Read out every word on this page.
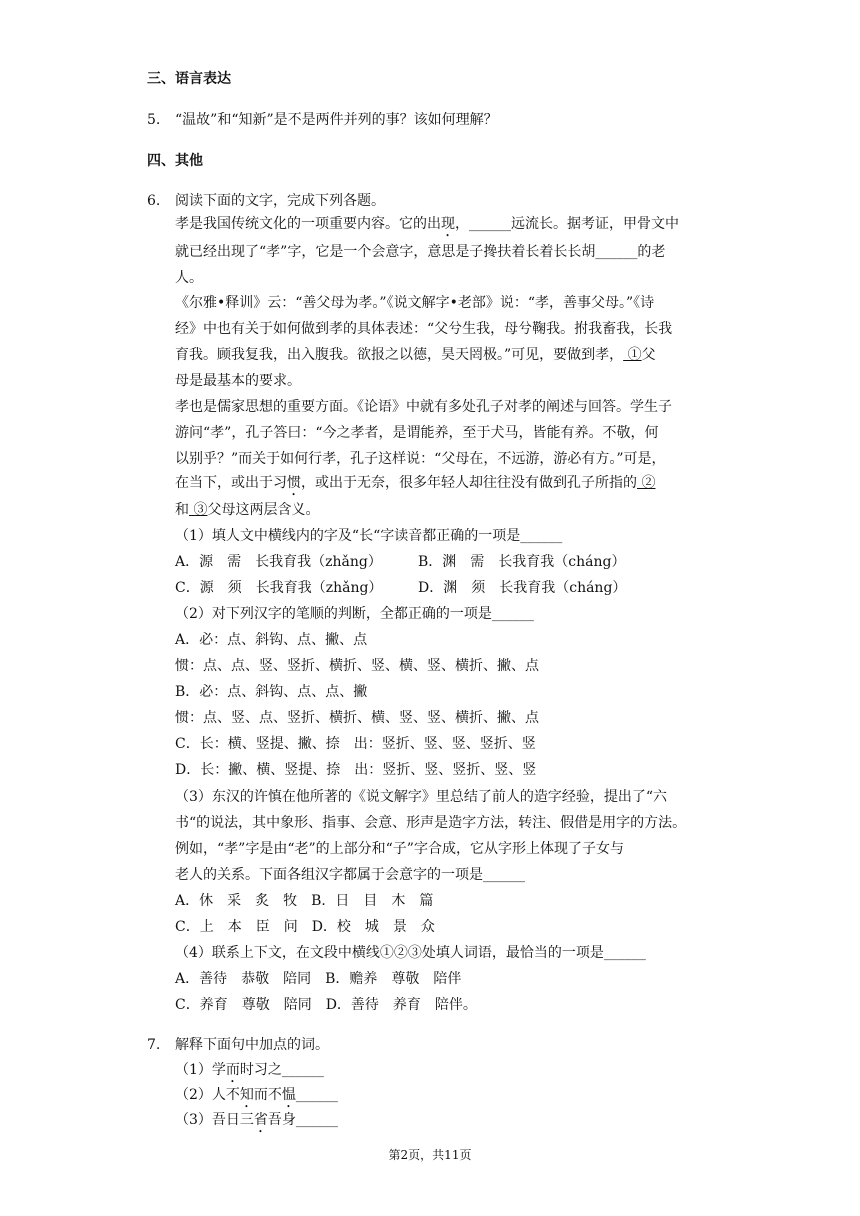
三、语言表达
5. “温故”和“知新”是不是两件并列的事？该如何理解？
四、其他
6. 阅读下面的文字，完成下列各题。
孝是我国传统文化的一项重要内容。它的出现，______远流长。据考证，甲骨文中
就已经出现了“孝”字，它是一个会意字，意思是子搀扶着长着长长胡______的老
人。
《尔雅•释训》云：“善父母为孝。”《说文解字•老部》说：“孝，善事父母。”《诗
经》中也有关于如何做到孝的具体表述：“父兮生我，母兮鞠我。拊我畜我，长我
育我。顾我复我，出入腹我。欲报之以德，昊天罔极。”可见，要做到孝， ①父
母是最基本的要求。
孝也是儒家思想的重要方面。《论语》中就有多处孔子对孝的阐述与回答。学生子
游问“孝”，孔子答曰：“今之孝者，是谓能养，至于犬马，皆能有养。不敬，何
以别乎？”而关于如何行孝，孔子这样说：“父母在，不远游，游必有方。”可是，
在当下，或出于习惯，或出于无奈，很多年轻人却往往没有做到孔子所指的 ②
和 ③父母这两层含义。
（1）填人文中横线内的字及“长“字读音都正确的一项是______
A．源　需　长我育我（zhǎng）	B．渊　需　长我育我（cháng）
C．源　须　长我育我（zhǎng）	D．渊　须　长我育我（cháng）
（2）对下列汉字的笔顺的判断，全都正确的一项是______
A．必：点、斜钩、点、撇、点
惯：点、点、竖、竖折、横折、竖、横、竖、横折、撇、点
B．必：点、斜钩、点、点、撇
惯：点、竖、点、竖折、横折、横、竖、竖、横折、撇、点
C．长：横、竖提、撇、捺　出：竖折、竖、竖、竖折、竖
D．长：撇、横、竖提、捺　出：竖折、竖、竖折、竖、竖
（3）东汉的许慎在他所著的《说文解字》里总结了前人的造字经验，提出了“六
书“的说法，其中象形、指事、会意、形声是造字方法，转注、假借是用字的方法。
例如，“孝”字是由“老”的上部分和“子”字合成，它从字形上体现了子女与
老人的关系。下面各组汉字都属于会意字的一项是______
A．休　采　炙　牧　B．日　目　木　篇
C．上　本　臣　问　D．校　城　景　众
（4）联系上下文，在文段中横线①②③处填人词语，最恰当的一项是______
A．善待　恭敬　陪同　B．赡养　尊敬　陪伴
C．养育　尊敬　陪同　D．善待　养育　陪伴。
7. 解释下面句中加点的词。
（1）学而时习之______
（2）人不知而不愠______
（3）吾日三省吾身______
第2页，共11页
